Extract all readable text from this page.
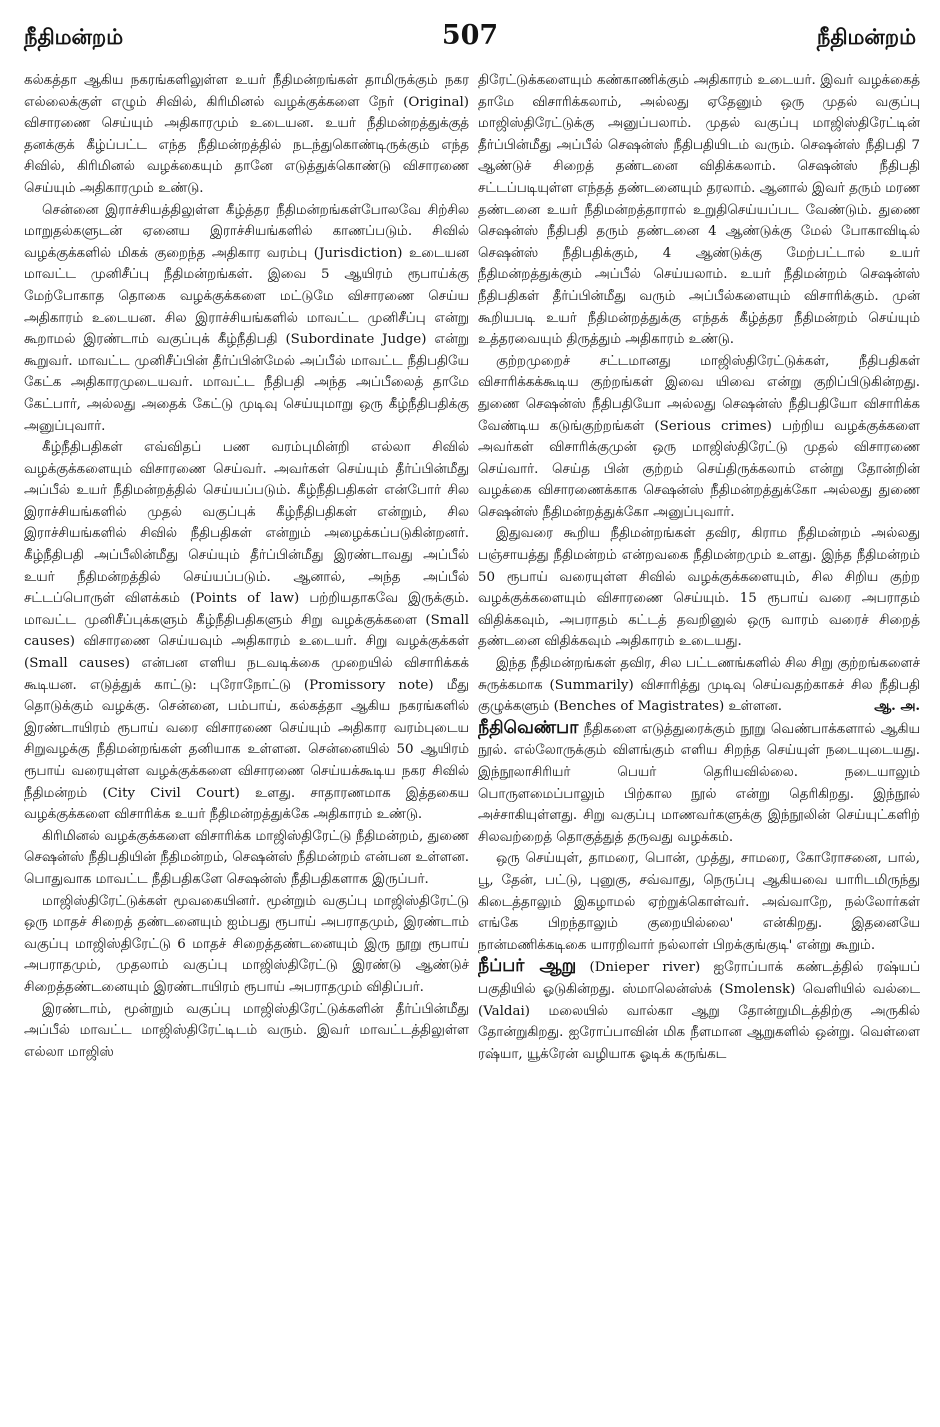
நீதிமன்றம்	507	நீதிமன்றம்

கல்கத்தா ஆகிய நகரங்களிலுள்ள உயர் நீதிமன்றங்கள் தாமிருக்கும் நகர எல்லைக்குள் எழும் சிவில், கிரிமினல் வழக்குக்களை நேர் (Original) விசாரணை செய்யும் அதிகாரமும் உடையன. உயர் நீதிமன்றத்துக்குத் தனக்குக் கீழ்ப்பட்ட எந்த நீதிமன்றத்தில் நடந்துகொண்டிருக்கும் எந்த சிவில், கிரிமினல் வழக்கையும் தானே எடுத்துக்கொண்டு விசாரணை செய்யும் அதிகாரமும் உண்டு.

சென்னை இராச்சியத்திலுள்ள கீழ்த்தர நீதிமன்றங்கள்போலவே சிற்சில மாறுதல்களுடன் ஏனைய இராச்சியங்களில் காணப்படும். சிவில் வழக்குக்களில் மிகக் குறைந்த அதிகார வரம்பு (Jurisdiction) உடையன மாவட்ட முனிசீப்பு நீதிமன்றங்கள். இவை 5 ஆயிரம் ரூபாய்க்கு மேற்போகாத தொகை வழக்குக்களை மட்டுமே விசாரணை செய்ய அதிகாரம் உடையன. சில இராச்சியங்களில் மாவட்ட முனிசீப்பு என்று கூறாமல் இரண்டாம் வகுப்புக் கீழ்நீதிபதி (Subordinate Judge) என்று கூறுவர். மாவட்ட முனிசீப்பின் தீர்ப்பின்மேல் அப்பீல் மாவட்ட நீதிபதியே கேட்க அதிகாரமுடையவர். மாவட்ட நீதிபதி அந்த அப்பீலைத் தாமே கேட்பார், அல்லது அதைக் கேட்டு முடிவு செய்யுமாறு ஒரு கீழ்நீதிபதிக்கு அனுப்புவார்.

கீழ்நீதிபதிகள் எவ்விதப் பண வரம்புமின்றி எல்லா சிவில் வழக்குக்களையும் விசாரணை செய்வர். அவர்கள் செய்யும் தீர்ப்பின்மீது அப்பீல் உயர் நீதிமன்றத்தில் செய்யப்படும். கீழ்நீதிபதிகள் என்போர் சில இராச்சியங்களில் முதல் வகுப்புக் கீழ்நீதிபதிகள் என்றும், சில இராச்சியங்களில் சிவில் நீதிபதிகள் என்றும் அழைக்கப்படுகின்றனர். கீழ்நீதிபதி அப்பீலின்மீது செய்யும் தீர்ப்பின்மீது இரண்டாவது அப்பீல் உயர் நீதிமன்றத்தில் செய்யப்படும். ஆனால், அந்த அப்பீல் சட்டப்பொருள் விளக்கம் (Points of law) பற்றியதாகவே இருக்கும். மாவட்ட முனிசீப்புக்களும் கீழ்நீதிபதிகளும் சிறு வழக்குக்களை (Small causes) விசாரணை செய்யவும் அதிகாரம் உடையர். சிறு வழக்குக்கள் (Small causes) என்பன எளிய நடவடிக்கை முறையில் விசாரிக்கக் கூடியன. எடுத்துக் காட்டு: புரோநோட்டு (Promissory note) மீது தொடுக்கும் வழக்கு. சென்னை, பம்பாய், கல்கத்தா ஆகிய நகரங்களில் இரண்டாயிரம் ரூபாய் வரை விசாரணை செய்யும் அதிகார வரம்புடைய சிறுவழக்கு நீதிமன்றங்கள் தனியாக உள்ளன. சென்னையில் 50 ஆயிரம் ரூபாய் வரையுள்ள வழக்குக்களை விசாரணை செய்யக்கூடிய நகர சிவில் நீதிமன்றம் (City Civil Court) உளது. சாதாரணமாக இத்தகைய வழக்குக்களை விசாரிக்க உயர் நீதிமன்றத்துக்கே அதிகாரம் உண்டு.

கிரிமினல் வழக்குக்களை விசாரிக்க மாஜிஸ்திரேட்டு நீதிமன்றம், துணை செஷன்ஸ் நீதிபதியின் நீதிமன்றம், செஷன்ஸ் நீதிமன்றம் என்பன உள்ளன. பொதுவாக மாவட்ட நீதிபதிகளே செஷன்ஸ் நீதிபதிகளாக இருப்பர்.

மாஜிஸ்திரேட்டுக்கள் மூவகையினர். மூன்றும் வகுப்பு மாஜிஸ்திரேட்டு ஒரு மாதச் சிறைத் தண்டனையும் ஐம்பது ரூபாய் அபராதமும், இரண்டாம் வகுப்பு மாஜிஸ்திரேட்டு 6 மாதச் சிறைத்தண்டனையும் இரு நூறு ரூபாய் அபராதமும், முதலாம் வகுப்பு மாஜிஸ்திரேட்டு இரண்டு ஆண்டுச் சிறைத்தண்டனையும் இரண்டாயிரம் ரூபாய் அபராதமும் விதிப்பர்.

இரண்டாம், மூன்றும் வகுப்பு மாஜிஸ்திரேட்டுக்களின் தீர்ப்பின்மீது அப்பீல் மாவட்ட மாஜிஸ்திரேட்டிடம் வரும். இவர் மாவட்டத்திலுள்ள எல்லா மாஜிஸ்

திரேட்டுக்களையும் கண்காணிக்கும் அதிகாரம் உடையர். இவர் வழக்கைத் தாமே விசாரிக்கலாம், அல்லது ஏதேனும் ஒரு முதல் வகுப்பு மாஜிஸ்திரேட்டுக்கு அனுப்பலாம். முதல் வகுப்பு மாஜிஸ்திரேட்டின் தீர்ப்பின்மீது அப்பீல் செஷன்ஸ் நீதிபதியிடம் வரும். செஷன்ஸ் நீதிபதி 7 ஆண்டுச் சிறைத் தண்டனை விதிக்கலாம். செஷன்ஸ் நீதிபதி சட்டப்படியுள்ள எந்தத் தண்டனையும் தரலாம். ஆனால் இவர் தரும் மரண தண்டனை உயர் நீதிமன்றத்தாரால் உறுதிசெய்யப்பட வேண்டும். துணை செஷன்ஸ் நீதிபதி தரும் தண்டனை 4 ஆண்டுக்கு மேல் போகாவிடில் செஷன்ஸ் நீதிபதிக்கும், 4 ஆண்டுக்கு மேற்பட்டால் உயர் நீதிமன்றத்துக்கும் அப்பீல் செய்யலாம். உயர் நீதிமன்றம் செஷன்ஸ் நீதிபதிகள் தீர்ப்பின்மீது வரும் அப்பீல்களையும் விசாரிக்கும். முன் கூறியபடி உயர் நீதிமன்றத்துக்கு எந்தக் கீழ்த்தர நீதிமன்றம் செய்யும் உத்தரவையும் திருத்தும் அதிகாரம் உண்டு.

குற்றமுறைச் சட்டமானது மாஜிஸ்திரேட்டுக்கள், நீதிபதிகள் விசாரிக்கக்கூடிய குற்றங்கள் இவை யிவை என்று குறிப்பிடுகின்றது. துணை செஷன்ஸ் நீதிபதியோ அல்லது செஷன்ஸ் நீதிபதியோ விசாரிக்க வேண்டிய கடுங்குற்றங்கள் (Serious crimes) பற்றிய வழக்குக்களை அவர்கள் விசாரிக்குமுன் ஒரு மாஜிஸ்திரேட்டு முதல் விசாரணை செய்வார். செய்த பின் குற்றம் செய்திருக்கலாம் என்று தோன்றின் வழக்கை விசாரணைக்காக செஷன்ஸ் நீதிமன்றத்துக்கோ அல்லது துணை செஷன்ஸ் நீதிமன்றத்துக்கோ அனுப்புவார்.

இதுவரை கூறிய நீதிமன்றங்கள் தவிர, கிராம நீதிமன்றம் அல்லது பஞ்சாயத்து நீதிமன்றம் என்றவகை நீதிமன்றமும் உளது. இந்த நீதிமன்றம் 50 ரூபாய் வரையுள்ள சிவில் வழக்குக்களையும், சில சிறிய குற்ற வழக்குக்களையும் விசாரணை செய்யும். 15 ரூபாய் வரை அபராதம் விதிக்கவும், அபராதம் கட்டத் தவறினுல் ஒரு வாரம் வரைச் சிறைத் தண்டனை விதிக்கவும் அதிகாரம் உடையது.

இந்த நீதிமன்றங்கள் தவிர, சில பட்டணங்களில் சில சிறு குற்றங்களைச் சுருக்கமாக (Summarily) விசாரித்து முடிவு செய்வதற்காகச் சில நீதிபதி குழுக்களும் (Benches of Magistrates) உள்ளன.	ஆ. அ.

நீதிவெண்பா நீதிகளை எடுத்துரைக்கும் நூறு வெண்பாக்களால் ஆகிய நூல். எல்லோருக்கும் விளங்கும் எளிய சிறந்த செய்யுள் நடையுடையது. இந்நூலாசிரியர் பெயர் தெரியவில்லை. நடையாலும் பொருளமைப்பாலும் பிற்கால நூல் என்று தெரிகிறது. இந்நூல் அச்சாகியுள்ளது. சிறு வகுப்பு மாணவர்களுக்கு இந்நூலின் செய்யுட்களிற் சிலவற்றைத் தொகுத்துத் தருவது வழக்கம்.

ஒரு செய்யுள், தாமரை, பொன், முத்து, சாமரை, கோரோசனை, பால், பூ, தேன், பட்டு, புனுகு, சவ்வாது, நெருப்பு ஆகியவை யாரிடமிருந்து கிடைத்தாலும் இகழாமல் ஏற்றுக்கொள்வர். அவ்வாறே, நல்லோர்கள் எங்கே பிறந்தாலும் குறையில்லை' என்கிறது. இதனையே நான்மணிக்கடிகை யாரறிவார் நல்லாள் பிறக்குங்குடி' என்று கூறும்.

நீப்பர் ஆறு (Dnieper river) ஐரோப்பாக் கண்டத்தில் ரஷ்யப் பகுதியில் ஓடுகின்றது. ஸ்மாலென்ஸ்க் (Smolensk) வெளியில் வல்டை (Valdai) மலையில் வால்கா ஆறு தோன்றுமிடத்திற்கு அருகில் தோன்றுகிறது. ஐரோப்பாவின் மிக நீளமான ஆறுகளில் ஒன்று. வெள்ளை ரஷ்யா, யூக்ரேன் வழியாக ஓடிக் கருங்கட
